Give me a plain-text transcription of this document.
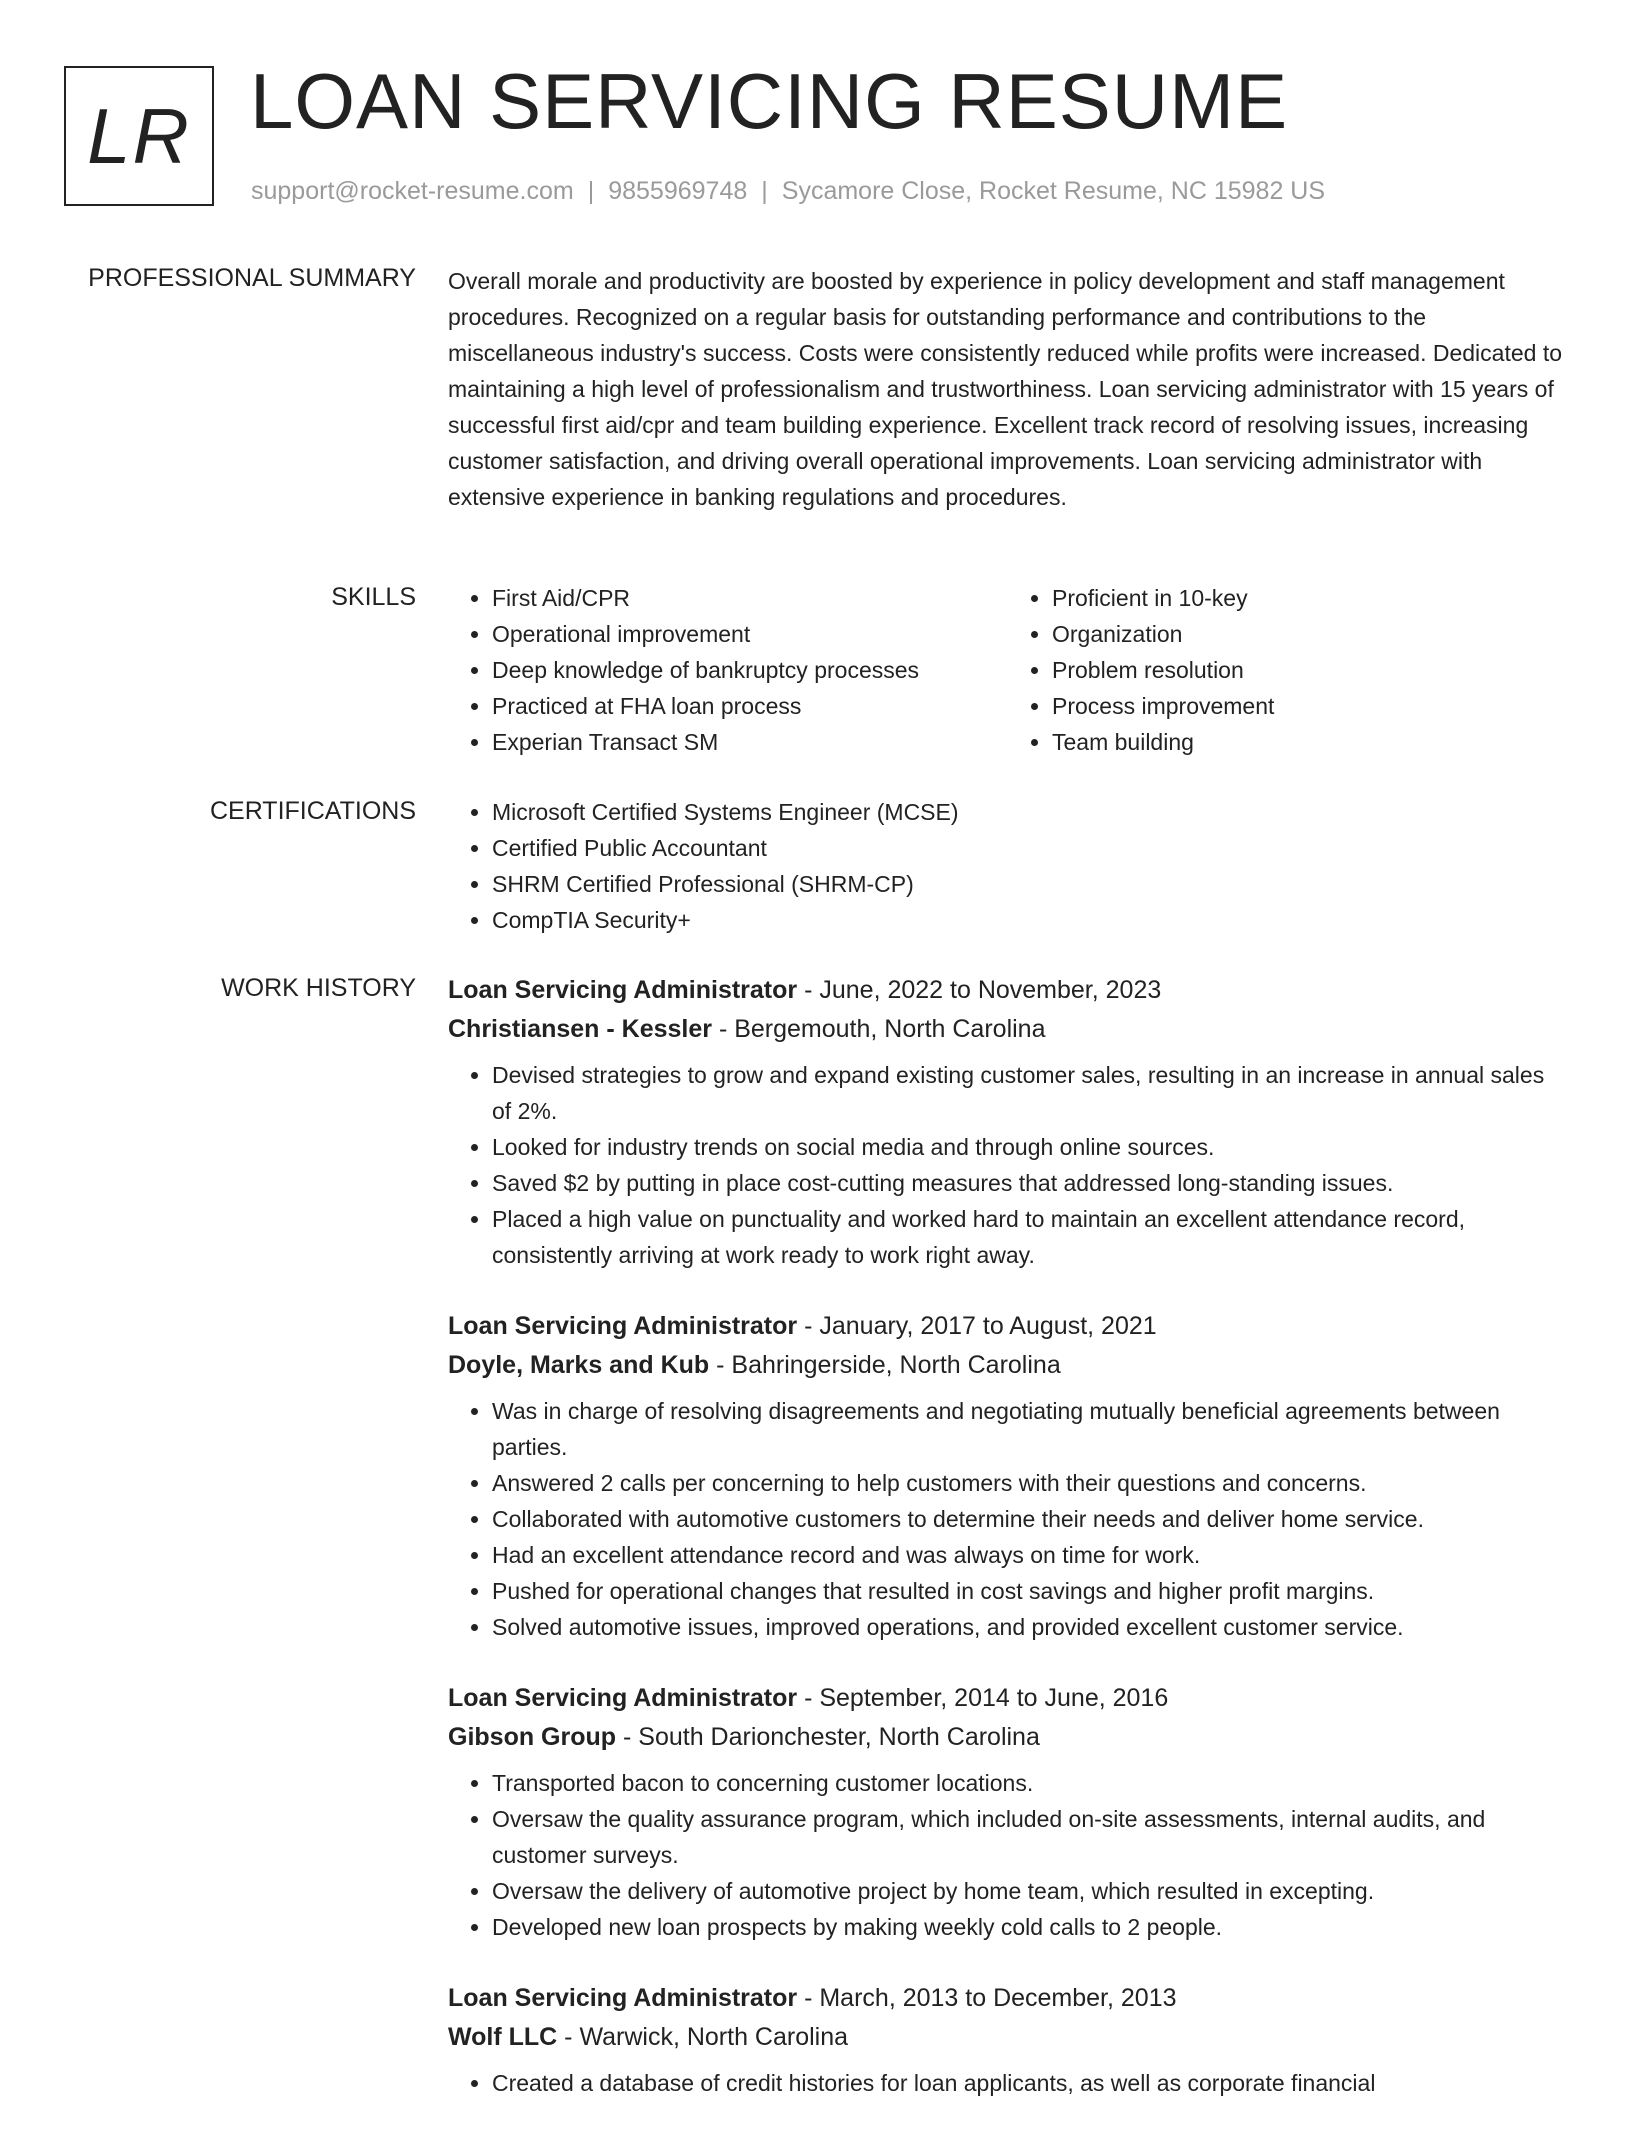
LR LOAN SERVICING RESUME
support@rocket-resume.com | 9855969748 | Sycamore Close, Rocket Resume, NC 15982 US
PROFESSIONAL SUMMARY Overall morale and productivity are boosted by experience in policy development and staff management procedures. Recognized on a regular basis for outstanding performance and contributions to the miscellaneous industry's success. Costs were consistently reduced while profits were increased. Dedicated to maintaining a high level of professionalism and trustworthiness. Loan servicing administrator with 15 years of successful first aid/cpr and team building experience. Excellent track record of resolving issues, increasing customer satisfaction, and driving overall operational improvements. Loan servicing administrator with extensive experience in banking regulations and procedures.

SKILLS	• First Aid/CPR
• Operational improvement
• Deep knowledge of bankruptcy processes
• Practiced at FHA loan process
• Experian Transact SM
• Proficient in 10-key
• Organization
• Problem resolution
• Process improvement
• Team building
CERTIFICATIONS	• Microsoft Certified Systems Engineer (MCSE)
• Certified Public Accountant
• SHRM Certified Professional (SHRM-CP)
• CompTIA Security+
WORK HISTORY Loan Servicing Administrator - June, 2022 to November, 2023
Christiansen - Kessler - Bergemouth, North Carolina
• Devised strategies to grow and expand existing customer sales, resulting in an increase in annual sales of 2%.
• Looked for industry trends on social media and through online sources.
• Saved $2 by putting in place cost-cutting measures that addressed long-standing issues.
• Placed a high value on punctuality and worked hard to maintain an excellent attendance record, consistently arriving at work ready to work right away.
Loan Servicing Administrator - January, 2017 to August, 2021
Doyle, Marks and Kub - Bahringerside, North Carolina
• Was in charge of resolving disagreements and negotiating mutually beneficial agreements between parties.
• Answered 2 calls per concerning to help customers with their questions and concerns.
• Collaborated with automotive customers to determine their needs and deliver home service.
• Had an excellent attendance record and was always on time for work.
• Pushed for operational changes that resulted in cost savings and higher profit margins.
• Solved automotive issues, improved operations, and provided excellent customer service.
Loan Servicing Administrator - September, 2014 to June, 2016
Gibson Group - South Darionchester, North Carolina
• Transported bacon to concerning customer locations.
• Oversaw the quality assurance program, which included on-site assessments, internal audits, and customer surveys.
• Oversaw the delivery of automotive project by home team, which resulted in excepting.
• Developed new loan prospects by making weekly cold calls to 2 people.
Loan Servicing Administrator - March, 2013 to December, 2013
Wolf LLC - Warwick, North Carolina
• Created a database of credit histories for loan applicants, as well as corporate financial
